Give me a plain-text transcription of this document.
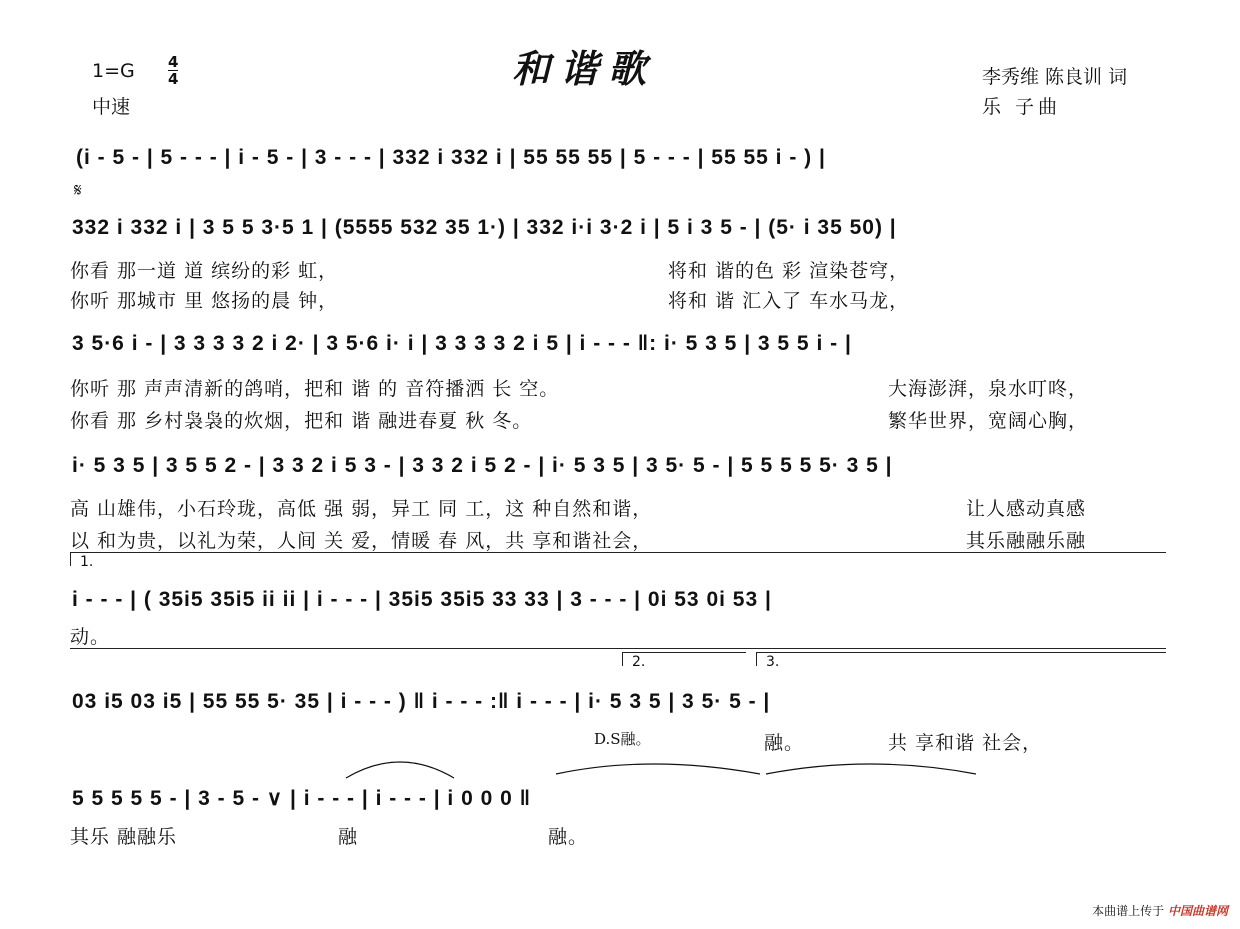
和谐歌
1=G 4
4
中速
李秀维 陈良训 词
乐 子曲
(i - 5 - | 5 - - - | i - 5 - | 3 - - - | 332 i 332 i | 55 55 55 | 5 - - - | 55 55 i - ) |
𝄋
332 i 332 i | 3 5 5 3·5 1 | (5555 532 35 1·) | 332 i·i 3·2 i | 5 i 3 5 - | (5· i 35 50) |
你看 那一道 道 缤纷的彩 虹，	将和 谐的色 彩 渲染苍穹，
你听 那城市 里 悠扬的晨 钟，	将和 谐 汇入了 车水马龙，
3 5·6 i - | 3 3 3 3 2 i 2· | 3 5·6 i· i | 3 3 3 3 2 i 5 | i - - - ‖: i· 5 3 5 | 3 5 5 i - |
你听 那 声声清新的鸽哨，把和 谐 的 音符播洒 长 空。	大海澎湃，泉水叮咚，
你看 那 乡村袅袅的炊烟，把和 谐 融进春夏 秋 冬。	繁华世界，宽阔心胸，
i· 5 3 5 | 3 5 5 2 - | 3 3 2 i 5 3 - | 3 3 2 i 5 2 - | i· 5 3 5 | 3 5· 5 - | 5 5 5 5 5· 3 5 |
高 山雄伟，小石玲珑，高低 强 弱，异工 同 工，这 种自然和谐，	让人感动真感
以 和为贵，以礼为荣，人间 关 爱，情暖 春 风，共 享和谐社会，	其乐融融乐融
1.
i - - - | ( 35i5 35i5 ii ii | i - - - | 35i5 35i5 33 33 | 3 - - - | 0i 53 0i 53 |
动。
2.	3.
03 i5 03 i5 | 55 55 5· 35 | i - - - ) ‖ i - - - :‖ i - - - | i· 5 3 5 | 3 5· 5 - |
D.S融。	融。	共 享和谐 社会，
5 5 5 5 5 - | 3 - 5 - ∨ | i - - - | i - - - | i 0 0 0 ‖
其乐 融融乐	融	融。
本曲谱上传于 中国曲谱网
